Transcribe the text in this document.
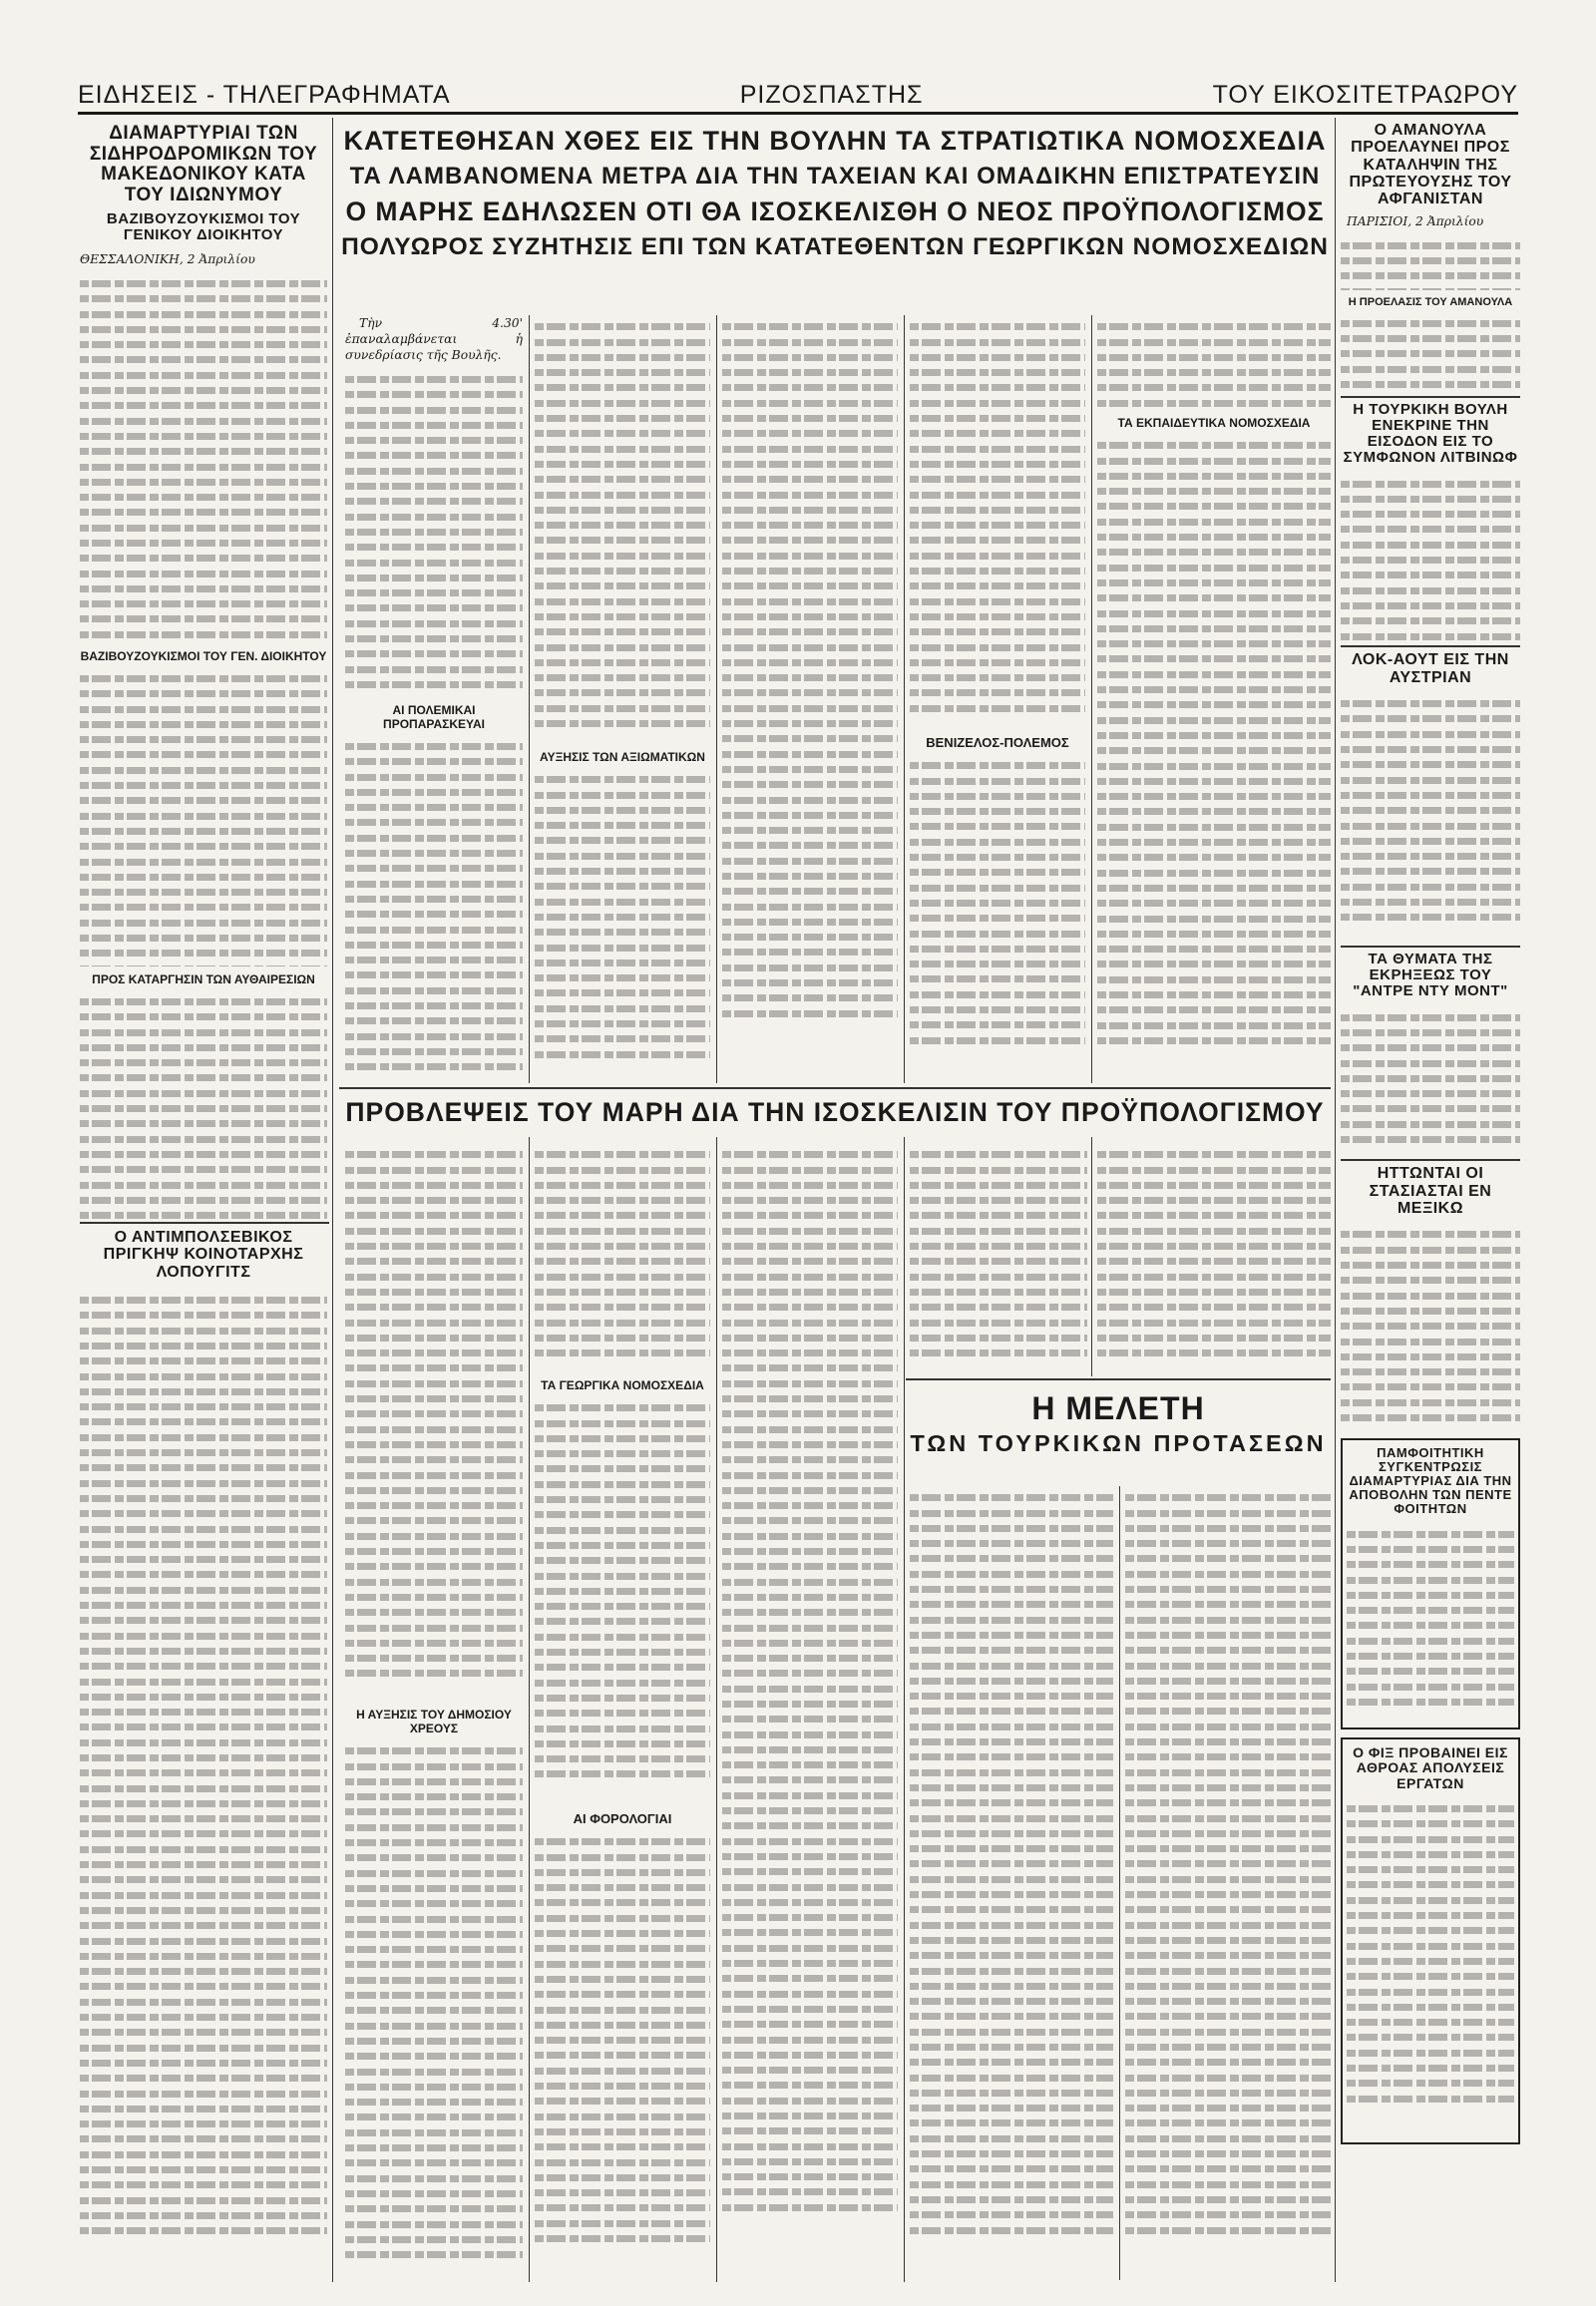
ΕΙΔΗΣΕΙΣ - ΤΗΛΕΓΡΑΦΗΜΑΤΑ	ΡΙΖΟΣΠΑΣΤΗΣ	ΤΟΥ ΕΙΚΟΣΙΤΕΤΡΑΩΡΟΥ
ΔΙΑΜΑΡΤΥΡΙΑΙ ΤΩΝ ΣΙΔΗΡΟΔΡΟΜΙΚΩΝ ΤΟΥ ΜΑΚΕΔΟΝΙΚΟΥ ΚΑΤΑ ΤΟΥ ΙΔΙΩΝΥΜΟΥ
ΒΑΖΙΒΟΥΖΟΥΚΙΣΜΟΙ ΤΟΥ ΓΕΝΙΚΟΥ ΔΙΟΙΚΗΤΟΥ

ΘΕΣΣΑΛΟΝΙΚΗ, 2 Ἀπριλίου

ΒΑΖΙΒΟΥΖΟΥΚΙΣΜΟΙ ΤΟΥ ΓΕΝ. ΔΙΟΙΚΗΤΟΥ
ΠΡΟΣ ΚΑΤΑΡΓΗΣΙΝ ΤΩΝ ΑΥΘΑΙΡΕΣΙΩΝ
Ο ΑΝΤΙΜΠΟΛΣΕΒΙΚΟΣ ΠΡΙΓΚΗΨ ΚΟΙΝΟΤΑΡΧΗΣ ΛΟΠΟΥΓΙΤΣ
ΚΑΤΕΤΕΘΗΣΑΝ ΧΘΕΣ ΕΙΣ ΤΗΝ ΒΟΥΛΗΝ ΤΑ ΣΤΡΑΤΙΩΤΙΚΑ ΝΟΜΟΣΧΕΔΙΑ
ΤΑ ΛΑΜΒΑΝΟΜΕΝΑ ΜΕΤΡΑ ΔΙΑ ΤΗΝ ΤΑΧΕΙΑΝ ΚΑΙ ΟΜΑΔΙΚΗΝ ΕΠΙΣΤΡΑΤΕΥΣΙΝ
Ο ΜΑΡΗΣ ΕΔΗΛΩΣΕΝ ΟΤΙ ΘΑ ΙΣΟΣΚΕΛΙΣΘΗ Ο ΝΕΟΣ ΠΡΟΫΠΟΛΟΓΙΣΜΟΣ
ΠΟΛΥΩΡΟΣ ΣΥΖΗΤΗΣΙΣ ΕΠΙ ΤΩΝ ΚΑΤΑΤΕΘΕΝΤΩΝ ΓΕΩΡΓΙΚΩΝ ΝΟΜΟΣΧΕΔΙΩΝ

Τὴν 4.30' ἐπαναλαμβάνεται ἡ συνεδρίασις τῆς Βουλῆς.

ΑΙ ΠΟΛΕΜΙΚΑΙ ΠΡΟΠΑΡΑΣΚΕΥΑΙ
ΑΥΞΗΣΙΣ ΤΩΝ ΑΞΙΩΜΑΤΙΚΩΝ
ΒΕΝΙΖΕΛΟΣ-ΠΟΛΕΜΟΣ
ΤΑ ΕΚΠΑΙΔΕΥΤΙΚΑ ΝΟΜΟΣΧΕΔΙΑ
ΠΡΟΒΛΕΨΕΙΣ ΤΟΥ ΜΑΡΗ ΔΙΑ ΤΗΝ ΙΣΟΣΚΕΛΙΣΙΝ ΤΟΥ ΠΡΟΫΠΟΛΟΓΙΣΜΟΥ
Η ΑΥΞΗΣΙΣ ΤΟΥ ΔΗΜΟΣΙΟΥ ΧΡΕΟΥΣ
ΤΑ ΓΕΩΡΓΙΚΑ ΝΟΜΟΣΧΕΔΙΑ
ΑΙ ΦΟΡΟΛΟΓΙΑΙ
Η ΜΕΛΕΤΗ
ΤΩΝ ΤΟΥΡΚΙΚΩΝ ΠΡΟΤΑΣΕΩΝ
Ο ΑΜΑΝΟΥΛΑ ΠΡΟΕΛΑΥΝΕΙ ΠΡΟΣ ΚΑΤΑΛΗΨΙΝ ΤΗΣ ΠΡΩΤΕΥΟΥΣΗΣ ΤΟΥ ΑΦΓΑΝΙΣΤΑΝ

ΠΑΡΙΣΙΟΙ, 2 Ἀπριλίου

Η ΠΡΟΕΛΑΣΙΣ ΤΟΥ ΑΜΑΝΟΥΛΑ
Η ΤΟΥΡΚΙΚΗ ΒΟΥΛΗ ΕΝΕΚΡΙΝΕ ΤΗΝ ΕΙΣΟΔΟΝ ΕΙΣ ΤΟ ΣΥΜΦΩΝΟΝ ΛΙΤΒΙΝΩΦ
ΛΟΚ-ΑΟΥΤ ΕΙΣ ΤΗΝ ΑΥΣΤΡΙΑΝ
ΤΑ ΘΥΜΑΤΑ ΤΗΣ ΕΚΡΗΞΕΩΣ ΤΟΥ "ΑΝΤΡΕ ΝΤΥ ΜΟΝΤ"
ΗΤΤΩΝΤΑΙ ΟΙ ΣΤΑΣΙΑΣΤΑΙ ΕΝ ΜΕΞΙΚΩ
ΠΑΜΦΟΙΤΗΤΙΚΗ ΣΥΓΚΕΝΤΡΩΣΙΣ ΔΙΑΜΑΡΤΥΡΙΑΣ ΔΙΑ ΤΗΝ ΑΠΟΒΟΛΗΝ ΤΩΝ ΠΕΝΤΕ ΦΟΙΤΗΤΩΝ
Ο ΦΙΞ ΠΡΟΒΑΙΝΕΙ ΕΙΣ ΑΘΡΟΑΣ ΑΠΟΛΥΣΕΙΣ ΕΡΓΑΤΩΝ
